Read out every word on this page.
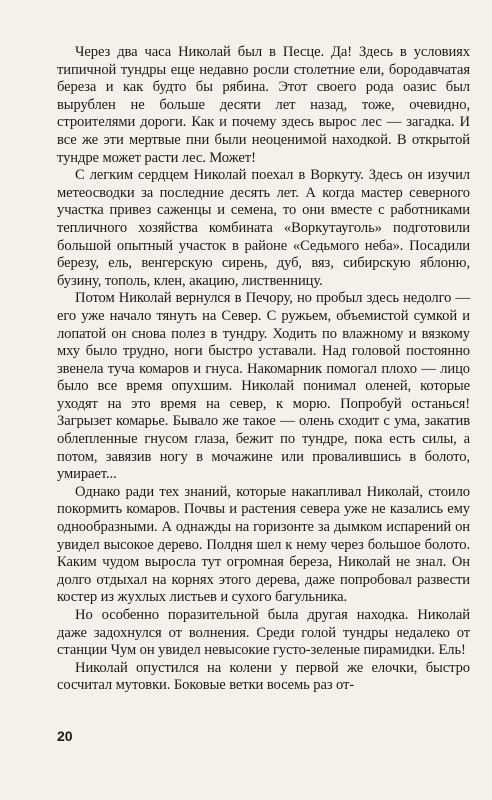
Через два часа Николай был в Песце. Да! Здесь в условиях типичной тундры еще недавно росли столетние ели, бородавчатая береза и как будто бы рябина. Этот своего рода оазис был вырублен не больше десяти лет назад, тоже, очевидно, строителями дороги. Как и почему здесь вырос лес — загадка. И все же эти мертвые пни были неоценимой находкой. В открытой тундре может расти лес. Может!

С легким сердцем Николай поехал в Воркуту. Здесь он изучил метеосводки за последние десять лет. А когда мастер северного участка привез саженцы и семена, то они вместе с работниками тепличного хозяйства комбината «Воркутауголь» подготовили большой опытный участок в районе «Седьмого неба». Посадили березу, ель, венгерскую сирень, дуб, вяз, сибирскую яблоню, бузину, тополь, клен, акацию, лиственницу.

Потом Николай вернулся в Печору, но пробыл здесь недолго — его уже начало тянуть на Север. С ружьем, объемистой сумкой и лопатой он снова полез в тундру. Ходить по влажному и вязкому мху было трудно, ноги быстро уставали. Над головой постоянно звенела туча комаров и гнуса. Накомарник помогал плохо — лицо было все время опухшим. Николай понимал оленей, которые уходят на это время на север, к морю. Попробуй останься! Загрызет комарье. Бывало же такое — олень сходит с ума, закатив облепленные гнусом глаза, бежит по тундре, пока есть силы, а потом, завязив ногу в мочажине или провалившись в болото, умирает...

Однако ради тех знаний, которые накапливал Николай, стоило покормить комаров. Почвы и растения севера уже не казались ему однообразными. А однажды на горизонте за дымком испарений он увидел высокое дерево. Полдня шел к нему через большое болото. Каким чудом выросла тут огромная береза, Николай не знал. Он долго отдыхал на корнях этого дерева, даже попробовал развести костер из жухлых листьев и сухого багульника.

Но особенно поразительной была другая находка. Николай даже задохнулся от волнения. Среди голой тундры недалеко от станции Чум он увидел невысокие густо-зеленые пирамидки. Ель!

Николай опустился на колени у первой же елочки, быстро сосчитал мутовки. Боковые ветки восемь раз от-

20
